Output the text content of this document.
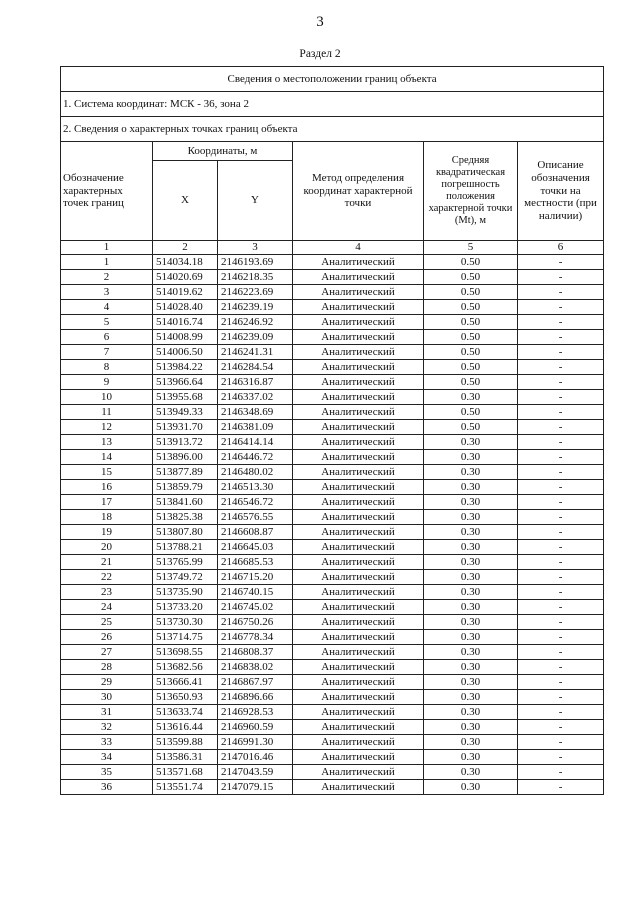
3
Раздел 2
Сведения о местоположении границ объекта					
1. Система координат: МСК - 36, зона 2					
2. Сведения о характерных точках границ объекта					
Обозначение характерных точек границ	Координаты, м		Метод определения координат характерной точки	Средняя квадратическая погрешность положения характерной точки (Mt), м	Описание обозначения точки на местности (при наличии)
	X	Y			
1	2	3	4	5	6
1	514034.18	2146193.69	Аналитический	0.50	-
2	514020.69	2146218.35	Аналитический	0.50	-
3	514019.62	2146223.69	Аналитический	0.50	-
4	514028.40	2146239.19	Аналитический	0.50	-
5	514016.74	2146246.92	Аналитический	0.50	-
6	514008.99	2146239.09	Аналитический	0.50	-
7	514006.50	2146241.31	Аналитический	0.50	-
8	513984.22	2146284.54	Аналитический	0.50	-
9	513966.64	2146316.87	Аналитический	0.50	-
10	513955.68	2146337.02	Аналитический	0.30	-
11	513949.33	2146348.69	Аналитический	0.50	-
12	513931.70	2146381.09	Аналитический	0.50	-
13	513913.72	2146414.14	Аналитический	0.30	-
14	513896.00	2146446.72	Аналитический	0.30	-
15	513877.89	2146480.02	Аналитический	0.30	-
16	513859.79	2146513.30	Аналитический	0.30	-
17	513841.60	2146546.72	Аналитический	0.30	-
18	513825.38	2146576.55	Аналитический	0.30	-
19	513807.80	2146608.87	Аналитический	0.30	-
20	513788.21	2146645.03	Аналитический	0.30	-
21	513765.99	2146685.53	Аналитический	0.30	-
22	513749.72	2146715.20	Аналитический	0.30	-
23	513735.90	2146740.15	Аналитический	0.30	-
24	513733.20	2146745.02	Аналитический	0.30	-
25	513730.30	2146750.26	Аналитический	0.30	-
26	513714.75	2146778.34	Аналитический	0.30	-
27	513698.55	2146808.37	Аналитический	0.30	-
28	513682.56	2146838.02	Аналитический	0.30	-
29	513666.41	2146867.97	Аналитический	0.30	-
30	513650.93	2146896.66	Аналитический	0.30	-
31	513633.74	2146928.53	Аналитический	0.30	-
32	513616.44	2146960.59	Аналитический	0.30	-
33	513599.88	2146991.30	Аналитический	0.30	-
34	513586.31	2147016.46	Аналитический	0.30	-
35	513571.68	2147043.59	Аналитический	0.30	-
36	513551.74	2147079.15	Аналитический	0.30	-
